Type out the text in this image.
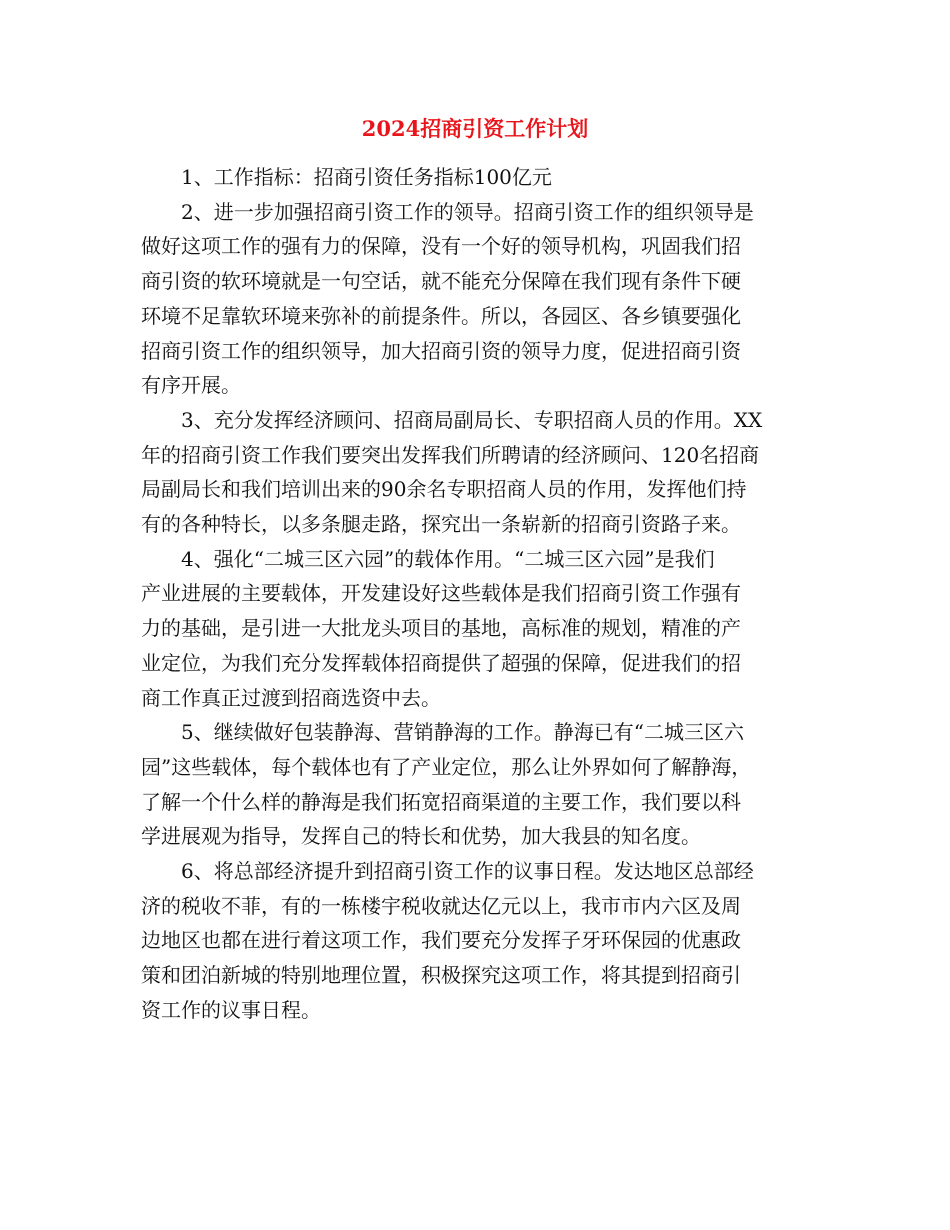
2024招商引资工作计划

1、工作指标：招商引资任务指标100亿元

2、进一步加强招商引资工作的领导。招商引资工作的组织领导是
做好这项工作的强有力的保障，没有一个好的领导机构，巩固我们招
商引资的软环境就是一句空话，就不能充分保障在我们现有条件下硬
环境不足靠软环境来弥补的前提条件。所以，各园区、各乡镇要强化
招商引资工作的组织领导，加大招商引资的领导力度，促进招商引资
有序开展。

3、充分发挥经济顾问、招商局副局长、专职招商人员的作用。XX
年的招商引资工作我们要突出发挥我们所聘请的经济顾问、120名招商
局副局长和我们培训出来的90余名专职招商人员的作用，发挥他们持
有的各种特长，以多条腿走路，探究出一条崭新的招商引资路子来。

4、强化“二城三区六园”的载体作用。“二城三区六园”是我们
产业进展的主要载体，开发建设好这些载体是我们招商引资工作强有
力的基础，是引进一大批龙头项目的基地，高标准的规划，精准的产
业定位，为我们充分发挥载体招商提供了超强的保障，促进我们的招
商工作真正过渡到招商选资中去。

5、继续做好包装静海、营销静海的工作。静海已有“二城三区六
园”这些载体，每个载体也有了产业定位，那么让外界如何了解静海，
了解一个什么样的静海是我们拓宽招商渠道的主要工作，我们要以科
学进展观为指导，发挥自己的特长和优势，加大我县的知名度。

6、将总部经济提升到招商引资工作的议事日程。发达地区总部经
济的税收不菲，有的一栋楼宇税收就达亿元以上，我市市内六区及周
边地区也都在进行着这项工作，我们要充分发挥子牙环保园的优惠政
策和团泊新城的特别地理位置，积极探究这项工作，将其提到招商引
资工作的议事日程。
